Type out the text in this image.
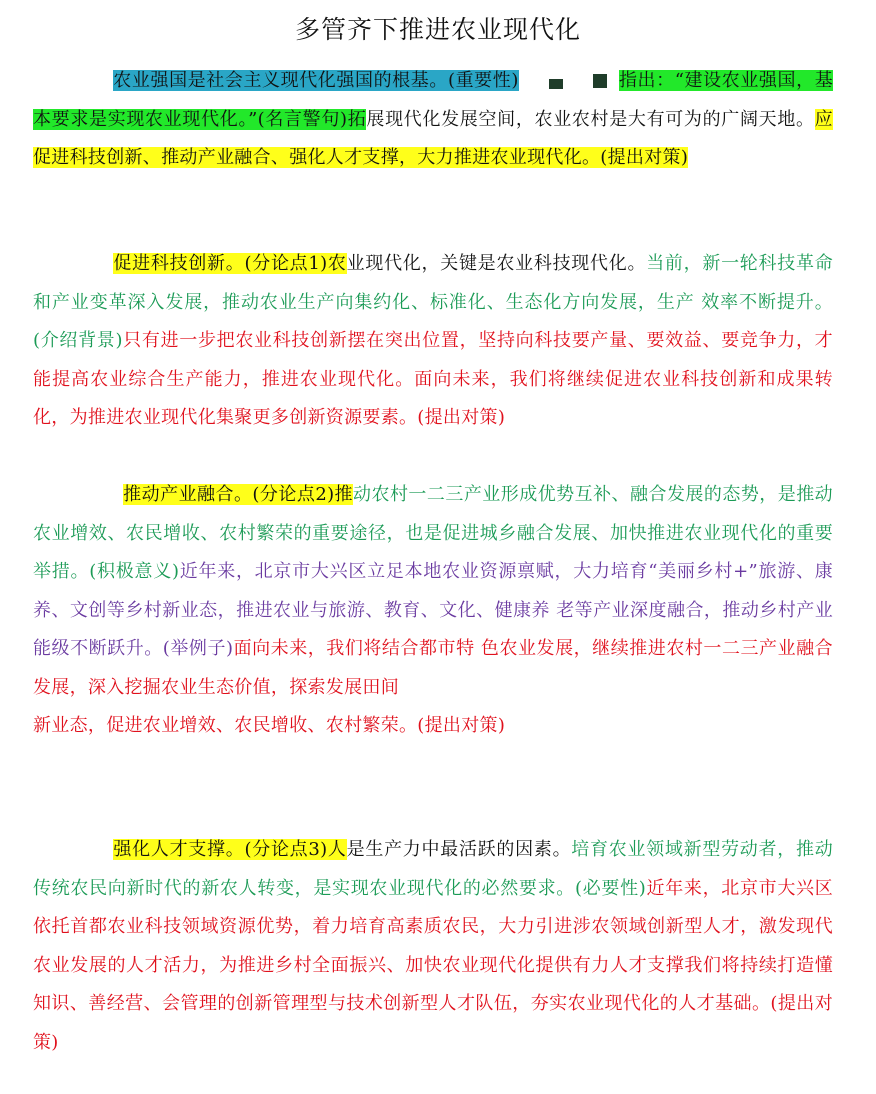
多管齐下推进农业现代化
农业强国是社会主义现代化强国的根基。(重要性)	指出：“建设农业强国，基本要求是实现农业现代化。”(名言警句)拓展现代化发展空间，农业农村是大有可为的广阔天地。应促进科技创新、推动产业融合、强化人才支撑，大力推进农业现代化。(提出对策)
促进科技创新。(分论点1)农业现代化，关键是农业科技现代化。当前，新一轮科技革命和产业变革深入发展，推动农业生产向集约化、标准化、生态化方向发展，生产 效率不断提升。(介绍背景)只有进一步把农业科技创新摆在突出位置，坚持向科技要产量、要效益、要竞争力，才能提高农业综合生产能力，推进农业现代化。面向未来，我们将继续促进农业科技创新和成果转化，为推进农业现代化集聚更多创新资源要素。(提出对策)
推动产业融合。(分论点2)推动农村一二三产业形成优势互补、融合发展的态势，是推动农业增效、农民增收、农村繁荣的重要途径，也是促进城乡融合发展、加快推进农业现代化的重要举措。(积极意义)近年来，北京市大兴区立足本地农业资源禀赋，大力培育“美丽乡村+”旅游、康养、文创等乡村新业态，推进农业与旅游、教育、文化、健康养 老等产业深度融合，推动乡村产业能级不断跃升。(举例子)面向未来，我们将结合都市特 色农业发展，继续推进农村一二三产业融合发展，深入挖掘农业生态价值，探索发展田间
新业态，促进农业增效、农民增收、农村繁荣。(提出对策)
强化人才支撑。(分论点3)人是生产力中最活跃的因素。培育农业领域新型劳动者，推动传统农民向新时代的新农人转变，是实现农业现代化的必然要求。(必要性)近年来，北京市大兴区依托首都农业科技领域资源优势，着力培育高素质农民，大力引进涉农领域创新型人才，激发现代农业发展的人才活力，为推进乡村全面振兴、加快农业现代化提供有力人才支撑我们将持续打造懂知识、善经营、会管理的创新管理型与技术创新型人才队伍，夯实农业现代化的人才基础。(提出对策)
